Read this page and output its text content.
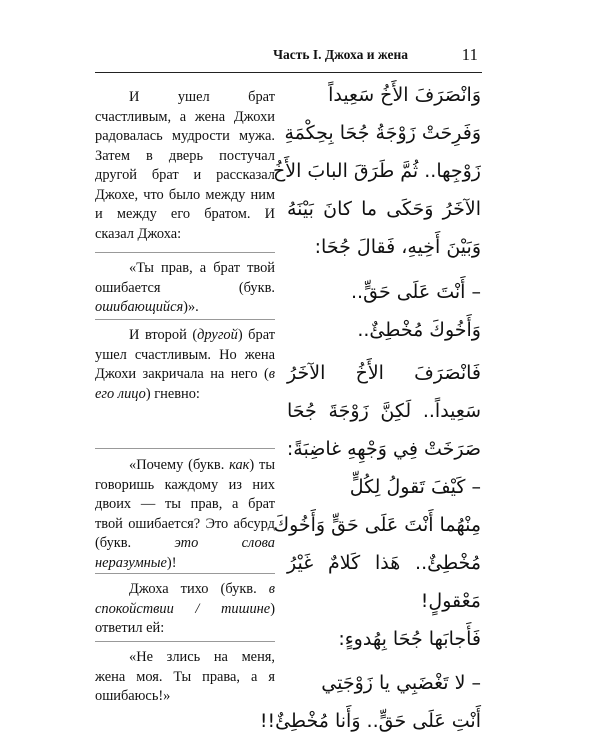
Часть I. Джоха и жена	11

И ушел брат счастливым, а жена Джохи радовалась мудрости мужа. Затем в дверь постучал другой брат и рассказал Джохе, что было между ним и между его братом. И сказал Джоха:

«Ты прав, а брат твой ошибается (букв. ошибающийся)».

И второй (другой) брат ушел счастливым. Но жена Джохи закричала на него (в его лицо) гневно:

«Почему (букв. как) ты говоришь каждому из них двоих — ты прав, а брат твой ошибается? Это абсурд (букв. это слова неразумные)!

Джоха тихо (букв. в спокойствии / тишине) ответил ей:

«Не злись на меня, жена моя. Ты права, а я ошибаюсь!»

وَانْصَرَفَ الأَخُ سَعِيداً
وَفَرِحَتْ زَوْجَةُ جُحَا بِحِكْمَةِ
زَوْجِها.. ثُمَّ طَرَقَ البابَ الأَخُ
الآخَرُ وَحَكَى ما كانَ بَيْنَهُ
وَبَيْنَ أَخِيهِ، فَقالَ جُحَا:
– أَنْتَ عَلَى حَقٍّ..
وَأَخُوكَ مُخْطِئٌ..
فَانْصَرَفَ الأَخُ الآخَرُ
سَعِيداً.. لَكِنَّ زَوْجَةَ جُحَا
صَرَخَتْ فِي وَجْهِهِ غاضِبَةً:
– كَيْفَ تَقولُ لِكُلٍّ
مِنْهُما أَنْتَ عَلَى حَقٍّ وَأَخُوكَ
مُخْطِئٌ.. هَذا كَلامٌ غَيْرُ
مَعْقولٍ!
فَأَجابَها جُحَا بِهُدوءٍ:
– لا تَغْضَبِي يا زَوْجَتِي
أَنْتِ عَلَى حَقٍّ.. وَأَنا مُخْطِئٌ!!
